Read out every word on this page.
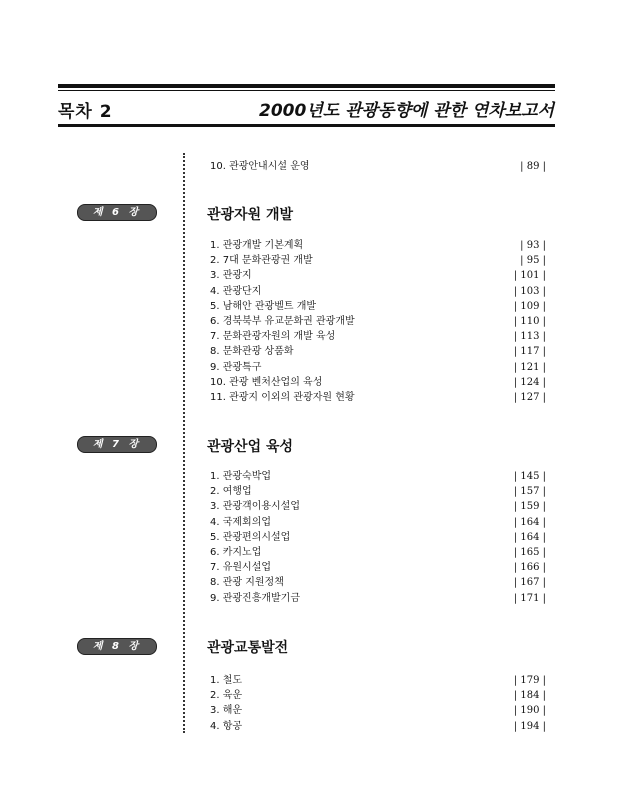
목차 2	2000년도 관광동향에 관한 연차보고서
10. 관광안내시설 운영	| 89 |
제 6 장	관광자원 개발
1. 관광개발 기본계획	| 93 |
2. 7대 문화관광권 개발	| 95 |
3. 관광지	| 101 |
4. 관광단지	| 103 |
5. 남해안 관광벨트 개발	| 109 |
6. 경북북부 유교문화권 관광개발	| 110 |
7. 문화관광자원의 개발 육성	| 113 |
8. 문화관광 상품화	| 117 |
9. 관광특구	| 121 |
10. 관광 벤처산업의 육성	| 124 |
11. 관광지 이외의 관광자원 현황	| 127 |
제 7 장	관광산업 육성
1. 관광숙박업	| 145 |
2. 여행업	| 157 |
3. 관광객이용시설업	| 159 |
4. 국제회의업	| 164 |
5. 관광편의시설업	| 164 |
6. 카지노업	| 165 |
7. 유원시설업	| 166 |
8. 관광 지원정책	| 167 |
9. 관광진흥개발기금	| 171 |
제 8 장	관광교통발전
1. 철도	| 179 |
2. 육운	| 184 |
3. 해운	| 190 |
4. 항공	| 194 |
